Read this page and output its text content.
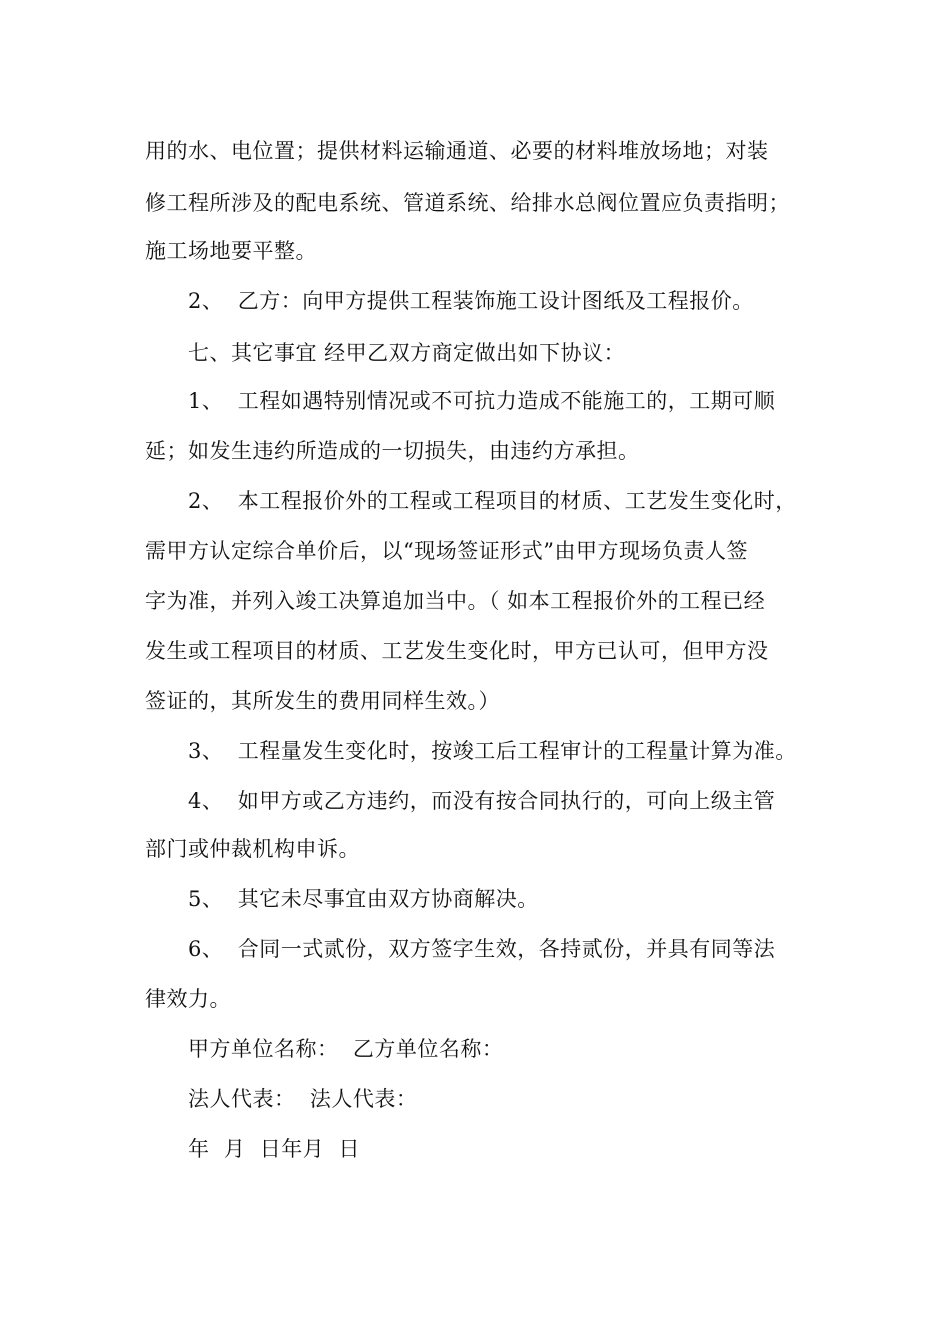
用的水、电位置；提供材料运输通道、必要的材料堆放场地；对装
修工程所涉及的配电系统、管道系统、给排水总阀位置应负责指明；
施工场地要平整。
2、  乙方：向甲方提供工程装饰施工设计图纸及工程报价。
七、其它事宜 经甲乙双方商定做出如下协议：
1、  工程如遇特别情况或不可抗力造成不能施工的，工期可顺
延；如发生违约所造成的一切损失，由违约方承担。
2、  本工程报价外的工程或工程项目的材质、工艺发生变化时，
需甲方认定综合单价后，以“现场签证形式”由甲方现场负责人签
字为准，并列入竣工决算追加当中。（ 如本工程报价外的工程已经
发生或工程项目的材质、工艺发生变化时，甲方已认可，但甲方没
签证的，其所发生的费用同样生效。）
3、  工程量发生变化时，按竣工后工程审计的工程量计算为准。
4、  如甲方或乙方违约，而没有按合同执行的，可向上级主管
部门或仲裁机构申诉。
5、  其它未尽事宜由双方协商解决。
6、  合同一式贰份，双方签字生效，各持贰份，并具有同等法
律效力。
甲方单位名称：  乙方单位名称：
法人代表：  法人代表：
年  月  日年月  日
